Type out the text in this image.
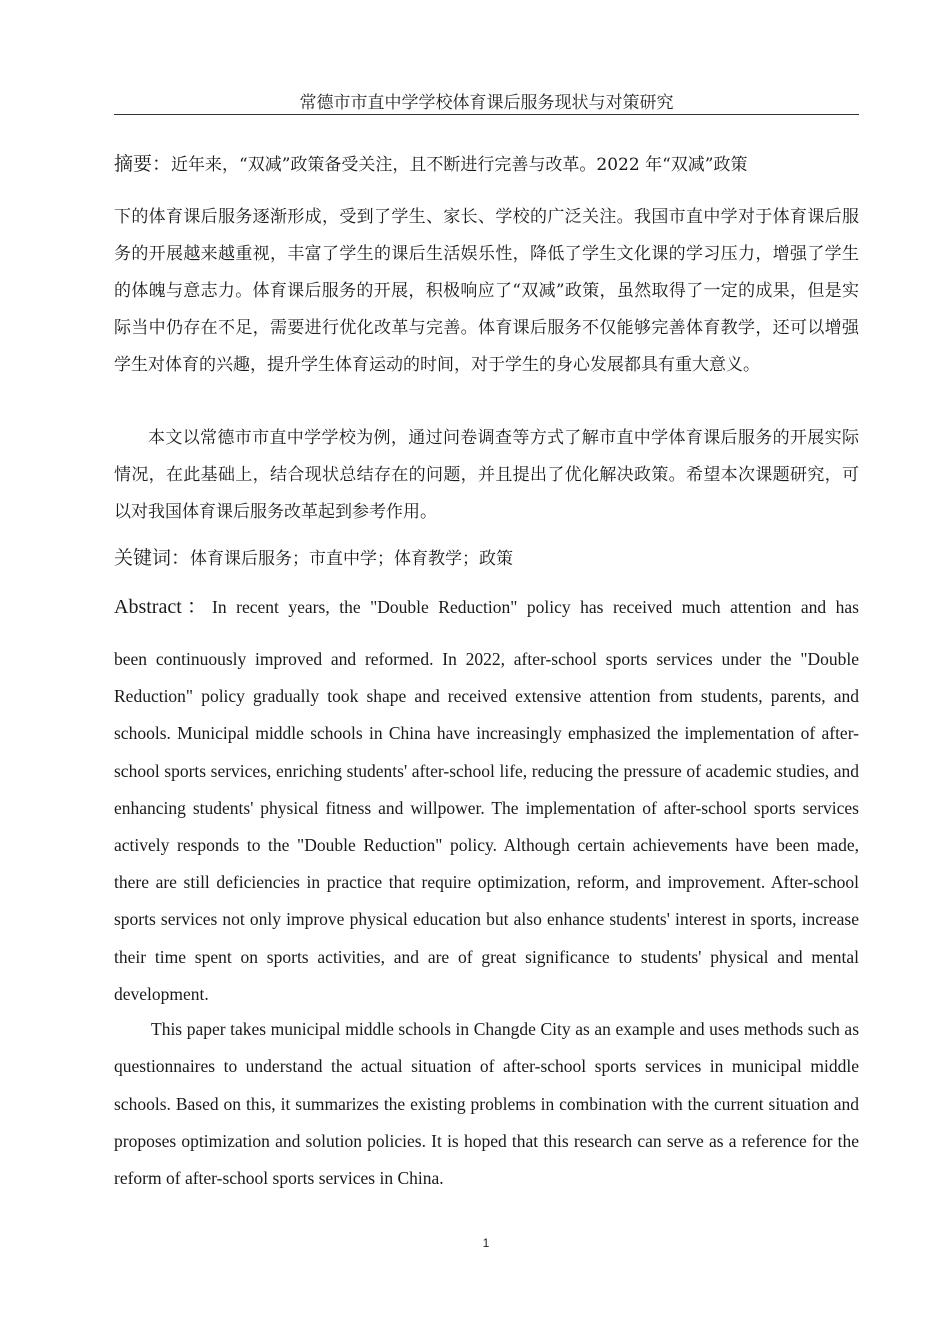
常德市市直中学学校体育课后服务现状与对策研究
摘要：近年来，“双减”政策备受关注，且不断进行完善与改革。2022 年“双减”政策
下的体育课后服务逐渐形成，受到了学生、家长、学校的广泛关注。我国市直中学对于体育课后服务的开展越来越重视，丰富了学生的课后生活娱乐性，降低了学生文化课的学习压力，增强了学生的体魄与意志力。体育课后服务的开展，积极响应了“双减”政策，虽然取得了一定的成果，但是实际当中仍存在不足，需要进行优化改革与完善。体育课后服务不仅能够完善体育教学，还可以增强学生对体育的兴趣，提升学生体育运动的时间，对于学生的身心发展都具有重大意义。
本文以常德市市直中学学校为例，通过问卷调查等方式了解市直中学体育课后服务的开展实际情况，在此基础上，结合现状总结存在的问题，并且提出了优化解决政策。希望本次课题研究，可以对我国体育课后服务改革起到参考作用。
关键词：体育课后服务；市直中学；体育教学；政策
Abstract：In recent years, the "Double Reduction" policy has received much attention and has
been continuously improved and reformed. In 2022, after-school sports services under the "Double Reduction" policy gradually took shape and received extensive attention from students, parents, and schools. Municipal middle schools in China have increasingly emphasized the implementation of after-school sports services, enriching students' after-school life, reducing the pressure of academic studies, and enhancing students' physical fitness and willpower. The implementation of after-school sports services actively responds to the "Double Reduction" policy. Although certain achievements have been made, there are still deficiencies in practice that require optimization, reform, and improvement. After-school sports services not only improve physical education but also enhance students' interest in sports, increase their time spent on sports activities, and are of great significance to students' physical and mental development.
This paper takes municipal middle schools in Changde City as an example and uses methods such as questionnaires to understand the actual situation of after-school sports services in municipal middle schools. Based on this, it summarizes the existing problems in combination with the current situation and proposes optimization and solution policies. It is hoped that this research can serve as a reference for the reform of after-school sports services in China.
1
